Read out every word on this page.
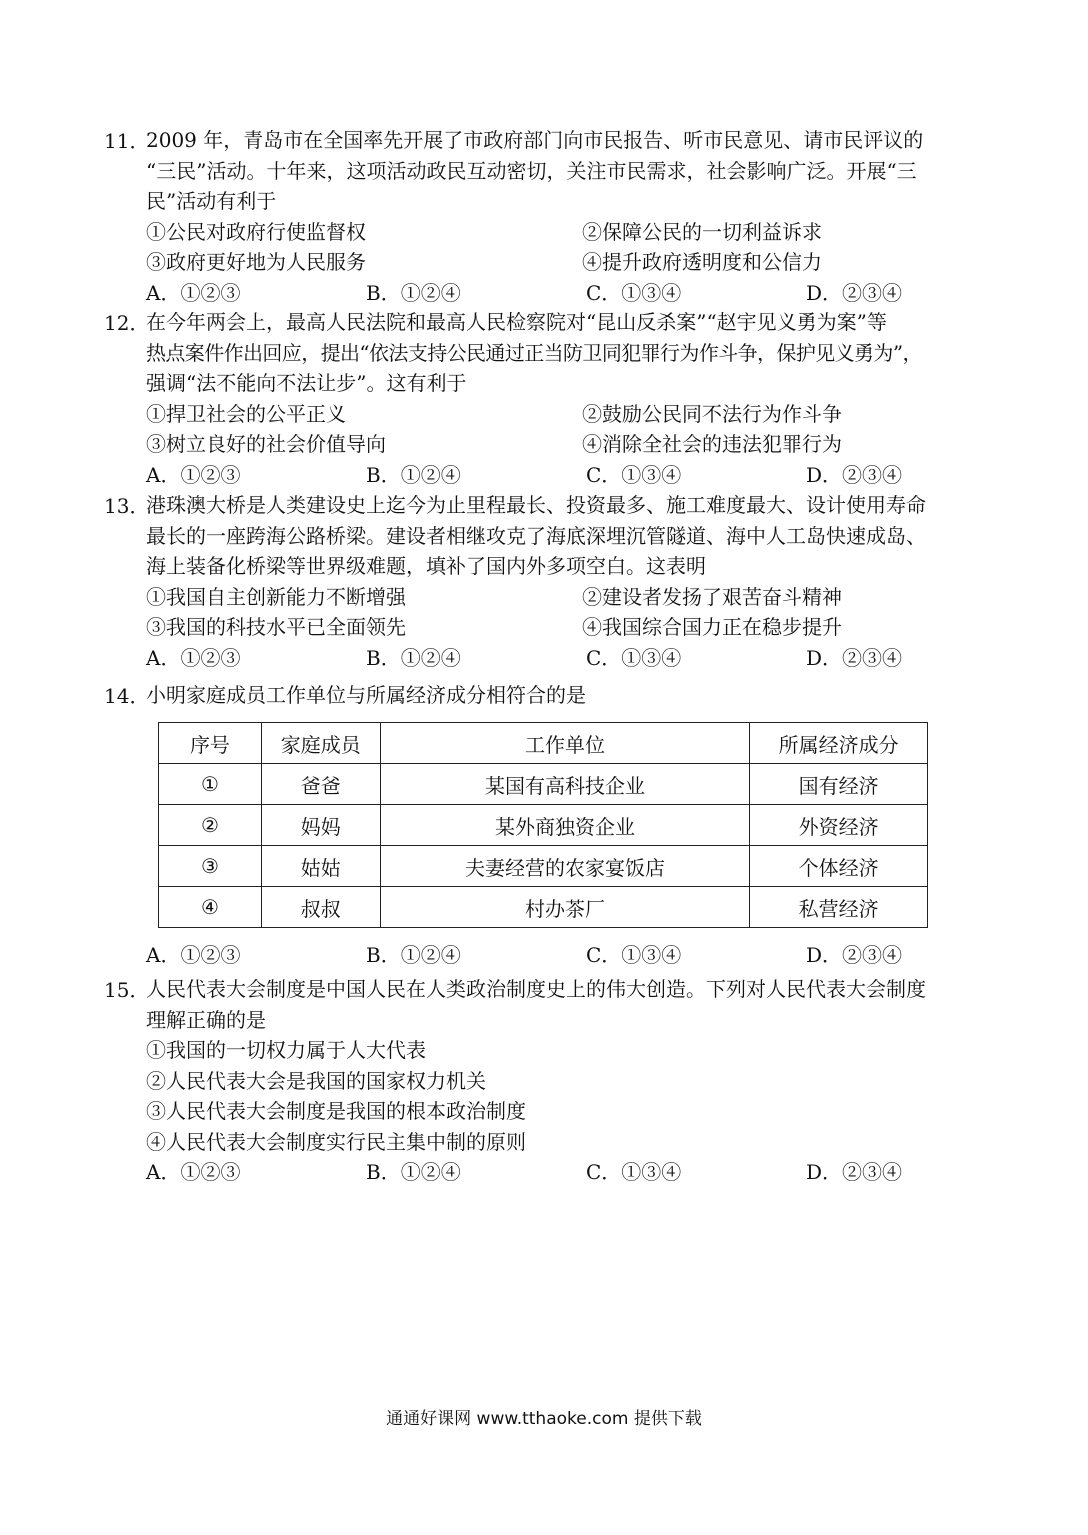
11．

2009 年，青岛市在全国率先开展了市政府部门向市民报告、听市民意见、请市民评议的

“三民”活动。十年来，这项活动政民互动密切，关注市民需求，社会影响广泛。开展“三

民”活动有利于

①公民对政府行使监督权	②保障公民的一切利益诉求
③政府更好地为人民服务	④提升政府透明度和公信力
A．①②③	B．①②④	C．①③④	D．②③④
12．

在今年两会上，最高人民法院和最高人民检察院对“昆山反杀案”“赵宇见义勇为案”等

热点案件作出回应，提出“依法支持公民通过正当防卫同犯罪行为作斗争，保护见义勇为”，

强调“法不能向不法让步”。这有利于

①捍卫社会的公平正义	②鼓励公民同不法行为作斗争
③树立良好的社会价值导向	④消除全社会的违法犯罪行为
A．①②③	B．①②④	C．①③④	D．②③④
13．

港珠澳大桥是人类建设史上迄今为止里程最长、投资最多、施工难度最大、设计使用寿命

最长的一座跨海公路桥梁。建设者相继攻克了海底深埋沉管隧道、海中人工岛快速成岛、

海上装备化桥梁等世界级难题，填补了国内外多项空白。这表明

①我国自主创新能力不断增强	②建设者发扬了艰苦奋斗精神
③我国的科技水平已全面领先	④我国综合国力正在稳步提升
A．①②③	B．①②④	C．①③④	D．②③④
14．

小明家庭成员工作单位与所属经济成分相符合的是

序号	家庭成员	工作单位	所属经济成分
①	爸爸	某国有高科技企业	国有经济
②	妈妈	某外商独资企业	外资经济
③	姑姑	夫妻经营的农家宴饭店	个体经济
④	叔叔	村办茶厂	私营经济
A．①②③	B．①②④	C．①③④	D．②③④
15．

人民代表大会制度是中国人民在人类政治制度史上的伟大创造。下列对人民代表大会制度

理解正确的是

①我国的一切权力属于人大代表
②人民代表大会是我国的国家权力机关
③人民代表大会制度是我国的根本政治制度
④人民代表大会制度实行民主集中制的原则
A．①②③	B．①②④	C．①③④	D．②③④
通通好课网 www.tthaoke.com 提供下载
